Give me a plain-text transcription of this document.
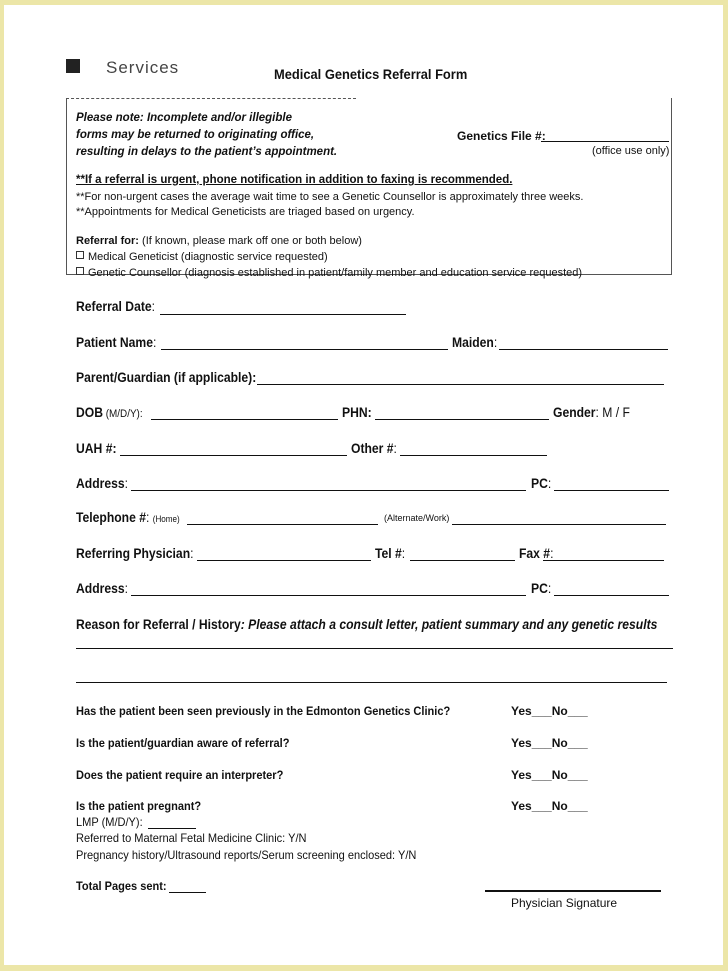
Services	Medical Genetics Referral Form
Please note: Incomplete and/or illegible
forms may be returned to originating office,
resulting in delays to the patient’s appointment.
Genetics File #:
(office use only)
**If a referral is urgent, phone notification in addition to faxing is recommended.
**For non-urgent cases the average wait time to see a Genetic Counsellor is approximately three weeks.
**Appointments for Medical Geneticists are triaged based on urgency.
Referral for: (If known, please mark off one or both below)
Medical Geneticist (diagnostic service requested)
Genetic Counsellor (diagnosis established in patient/family member and education service requested)
Referral Date:
Patient Name:	Maiden:
Parent/Guardian (if applicable):
DOB (M/D/Y):	PHN:	Gender: M / F
UAH #:	Other #:
Address:	PC:
Telephone #: (Home)	(Alternate/Work)
Referring Physician:	Tel #:	Fax #:
Address:	PC:
Reason for Referral / History: Please attach a consult letter, patient summary and any genetic results
Has the patient been seen previously in the Edmonton Genetics Clinic?	Yes___No___
Is the patient/guardian aware of referral?	Yes___No___
Does the patient require an interpreter?	Yes___No___
Is the patient pregnant?	Yes___No___
LMP (M/D/Y):
Referred to Maternal Fetal Medicine Clinic: Y/N
Pregnancy history/Ultrasound reports/Serum screening enclosed: Y/N
Total Pages sent:
Physician Signature
